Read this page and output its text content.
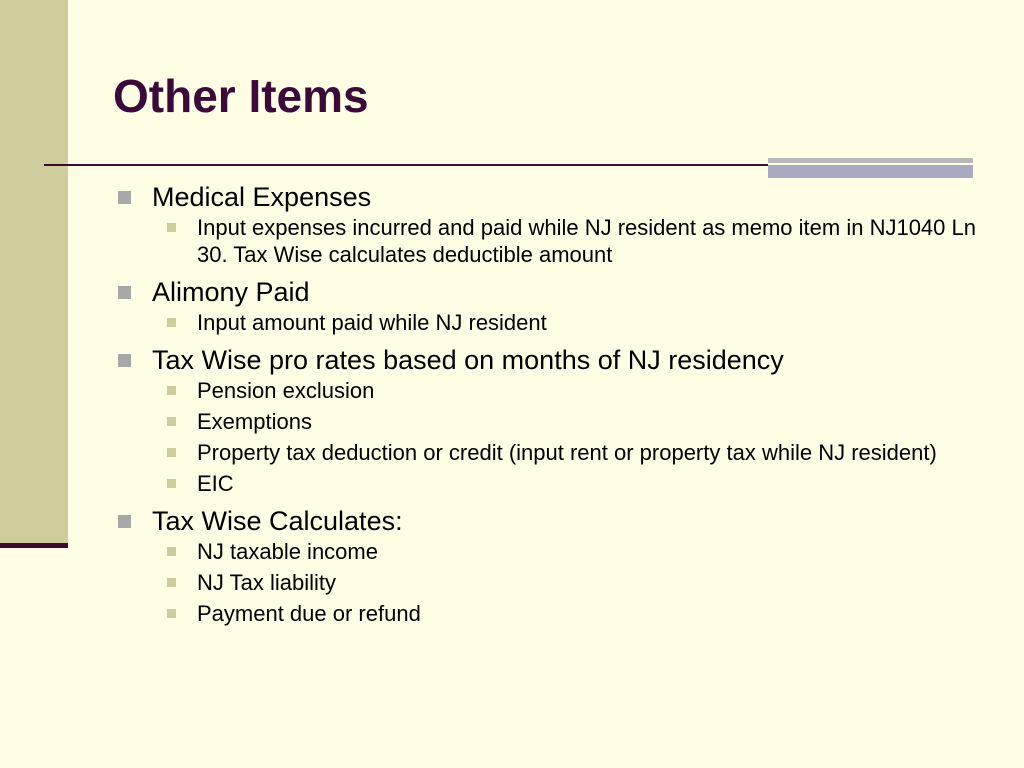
Other Items
Medical Expenses
Input expenses incurred and paid while NJ resident as memo item in NJ1040 Ln 30. Tax Wise calculates deductible amount
Alimony Paid
Input amount paid while NJ resident
Tax Wise pro rates based on months of NJ residency
Pension exclusion
Exemptions
Property tax deduction or credit (input rent or property tax while NJ resident)
EIC
Tax Wise Calculates:
NJ taxable income
NJ Tax liability
Payment due or refund
